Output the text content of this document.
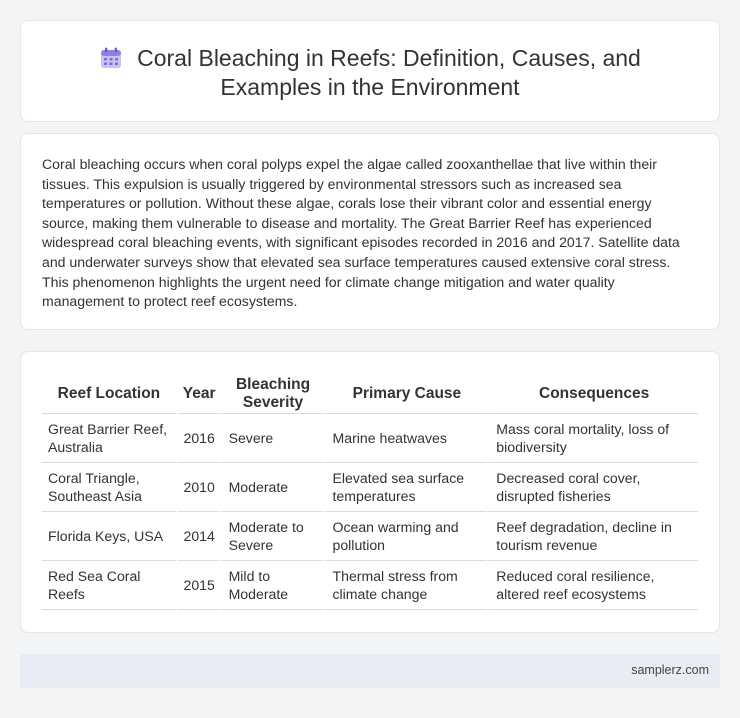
Coral Bleaching in Reefs: Definition, Causes, and Examples in the Environment

Coral bleaching occurs when coral polyps expel the algae called zooxanthellae that live within their tissues. This expulsion is usually triggered by environmental stressors such as increased sea temperatures or pollution. Without these algae, corals lose their vibrant color and essential energy source, making them vulnerable to disease and mortality. The Great Barrier Reef has experienced widespread coral bleaching events, with significant episodes recorded in 2016 and 2017. Satellite data and underwater surveys show that elevated sea surface temperatures caused extensive coral stress. This phenomenon highlights the urgent need for climate change mitigation and water quality management to protect reef ecosystems.

Reef Location	Year	Bleaching Severity	Primary Cause	Consequences
Great Barrier Reef, Australia	2016	Severe	Marine heatwaves	Mass coral mortality, loss of biodiversity
Coral Triangle, Southeast Asia	2010	Moderate	Elevated sea surface temperatures	Decreased coral cover, disrupted fisheries
Florida Keys, USA	2014	Moderate to Severe	Ocean warming and pollution	Reef degradation, decline in tourism revenue
Red Sea Coral Reefs	2015	Mild to Moderate	Thermal stress from climate change	Reduced coral resilience, altered reef ecosystems
samplerz.com
